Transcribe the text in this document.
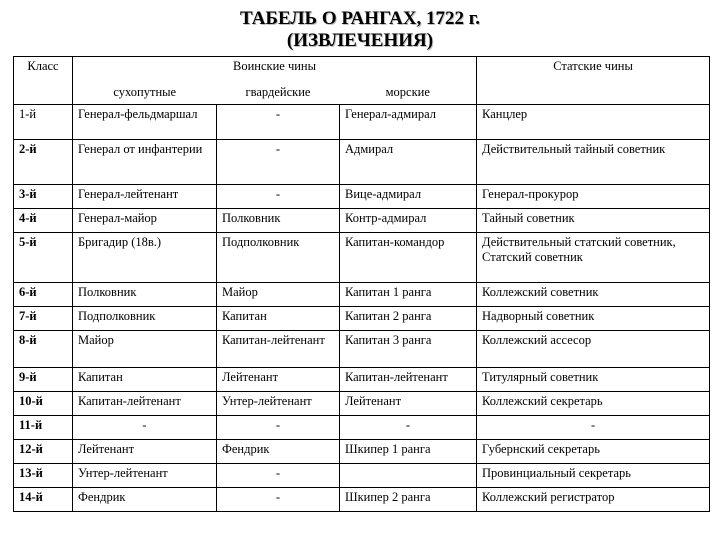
ТАБЕЛЬ О РАНГАХ, 1722 г.
(ИЗВЛЕЧЕНИЯ)
Класс	Воинские чины			Статские чины
	сухопутные	гвардейские	морские	
1-й	Генерал-фельдмаршал	-	Генерал-адмирал	Канцлер
2-й	Генерал от инфантерии	-	Адмирал	Действительный тайный советник
3-й	Генерал-лейтенант	-	Вице-адмирал	Генерал-прокурор
4-й	Генерал-майор	Полковник	Контр-адмирал	Тайный советник
5-й	Бригадир (18в.)	Подполковник	Капитан-командор	Действительный статский советник, Статский советник
6-й	Полковник	Майор	Капитан 1 ранга	Коллежский советник
7-й	Подполковник	Капитан	Капитан 2 ранга	Надворный советник
8-й	Майор	Капитан-лейтенант	Капитан 3 ранга	Коллежский ассесор
9-й	Капитан	Лейтенант	Капитан-лейтенант	Титулярный советник
10-й	Капитан-лейтенант	Унтер-лейтенант	Лейтенант	Коллежский секретарь
11-й	-	-	-	-
12-й	Лейтенант	Фендрик	Шкипер 1 ранга	Губернский секретарь
13-й	Унтер-лейтенант	-		Провинциальный секретарь
14-й	Фендрик	-	Шкипер 2 ранга	Коллежский регистратор
